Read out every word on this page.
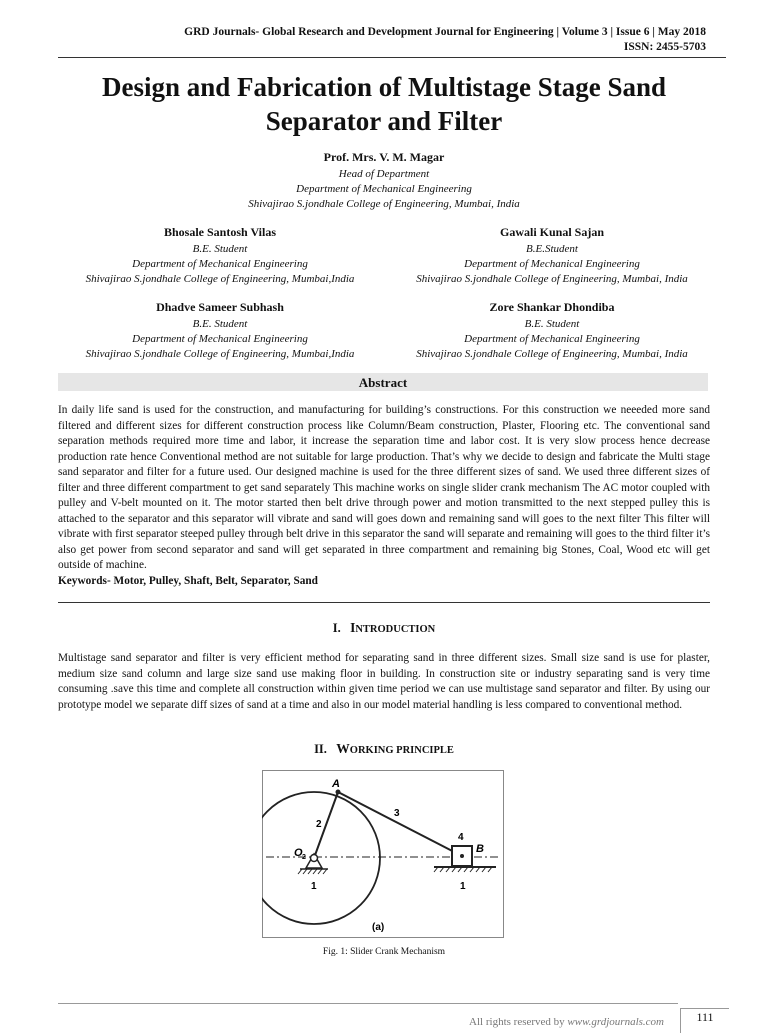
GRD Journals- Global Research and Development Journal for Engineering | Volume 3 | Issue 6 | May 2018
ISSN: 2455-5703
Design and Fabrication of Multistage Stage Sand
Separator and Filter
Prof. Mrs. V. M. Magar
Head of Department
Department of Mechanical Engineering
Shivajirao S.jondhale College of Engineering, Mumbai, India
Bhosale Santosh Vilas
B.E. Student
Department of Mechanical Engineering
Shivajirao S.jondhale College of Engineering, Mumbai,India
Gawali Kunal Sajan
B.E.Student
Department of Mechanical Engineering
Shivajirao S.jondhale College of Engineering, Mumbai, India
Dhadve Sameer Subhash
B.E. Student
Department of Mechanical Engineering
Shivajirao S.jondhale College of Engineering, Mumbai,India
Zore Shankar Dhondiba
B.E. Student
Department of Mechanical Engineering
Shivajirao S.jondhale College of Engineering, Mumbai, India
Abstract
In daily life sand is used for the construction, and manufacturing for building’s constructions. For this construction we neeeded more sand filtered and different sizes for different construction process like Column/Beam construction, Plaster, Flooring etc. The conventional sand separation methods required more time and labor, it increase the separation time and labor cost. It is very slow process hence decrease production rate hence Conventional method are not suitable for large production. That’s why we decide to design and fabricate the Multi stage sand separator and filter for a future used. Our designed machine is used for the three different sizes of sand. We used three different sizes of filter and three different compartment to get sand separately This machine works on single slider crank mechanism The AC motor coupled with pulley and V-belt mounted on it. The motor started then belt drive through power and motion transmitted to the next stepped pulley this is attached to the separator and this separator will vibrate and sand will goes down and remaining sand will goes to the next filter This filter will vibrate with first separator steeped pulley through belt drive in this separator the sand will separate and remaining will goes to the third filter it’s also get power from second separator and sand will get separated in three compartment and remaining big Stones, Coal, Wood etc will get outside of machine.
Keywords- Motor, Pulley, Shaft, Belt, Separator, Sand
I. INTRODUCTION
Multistage sand separator and filter is very efficient method for separating sand in three different sizes. Small size sand is use for plaster, medium size sand column and large size sand use making floor in building. In construction site or industry separating sand is very time consuming .save this time and complete all construction within given time period we can use multistage sand separator and filter. By using our prototype model we separate diff sizes of sand at a time and also in our model material handling is less compared to conventional method.
II. WORKING PRINCIPLE
A
B
O 2
2
3
4
1	1
(a)
Fig. 1: Slider Crank Mechanism
All rights reserved by www.grdjournals.com	111
